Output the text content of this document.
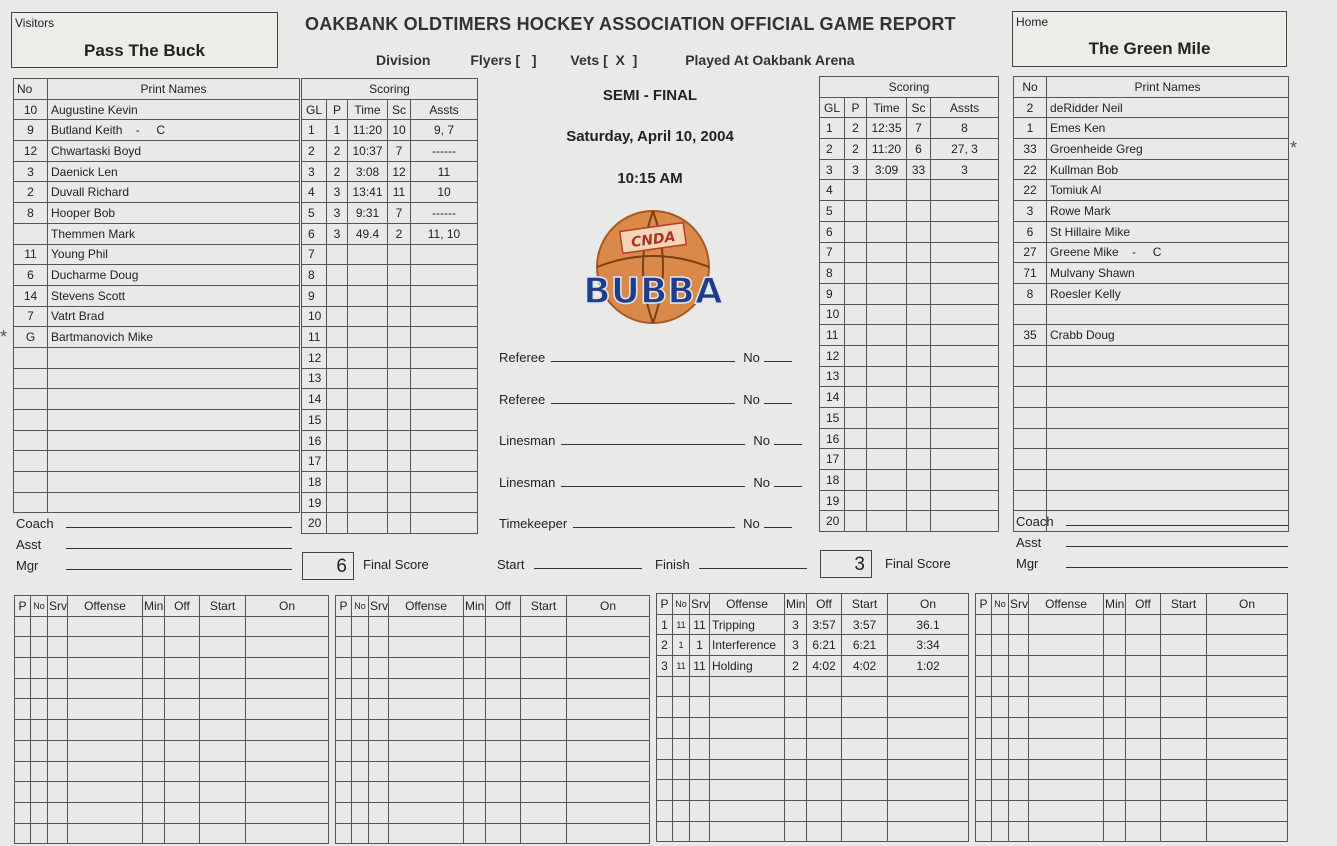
OAKBANK OLDTIMERS HOCKEY ASSOCIATION OFFICIAL GAME REPORT
Visitors
Pass The Buck
Home
The Green Mile
Division	Flyers [   ] Vets [  X  ]	Played At Oakbank Arena
No	Print Names
10	Augustine Kevin
9	Butland Keith    -     C
12	Chwartaski Boyd
3	Daenick Len
2	Duvall Richard
8	Hooper Bob
	Themmen Mark
11	Young Phil
6	Ducharme Doug
14	Stevens Scott
7	Vatrt Brad
G	Bartmanovich Mike

*
Scoring				
GL	P	Time	Sc	Assts
1	1	11:20	10	9, 7
2	2	10:37	7	------
3	2	3:08	12	11
4	3	13:41	11	10
5	3	9:31	7	------
6	3	49.4	2	11, 10
7				
8				
9				
10				
11				
12				
13				
14				
15				
16				
17				
18				
19				
20				
SEMI - FINAL
Saturday, April 10, 2004
10:15 AM
CNDA
BUBBA
Referee	No
Referee	No
Linesman	No
Linesman	No
Timekeeper	No
Scoring				
GL	P	Time	Sc	Assts
1	2	12:35	7	8
2	2	11:20	6	27, 3
3	3	3:09	33	3
4				
5				
6				
7				
8				
9				
10				
11				
12				
13				
14				
15				
16				
17				
18				
19				
20				
No	Print Names
2	deRidder Neil
1	Emes Ken
33	Groenheide Greg
22	Kullman Bob
22	Tomiuk Al
3	Rowe Mark
6	St Hillaire Mike
27	Greene Mike    -     C
71	Mulvany Shawn
8	Roesler Kelly

35	Crabb Doug

*
Coach
Asst
Mgr
Coach
Asst
Mgr
6	Final Score	3	Final Score
Start	Finish
P	No	Srv	Offense	Min	Off	Start	On

								P	No	Srv	Offense	Min	Off	Start	On

								P	No	Srv	Offense	Min	Off	Start	On
1	11	11	Tripping	3	3:57	3:57	36.1
2	1	1	Interference	3	6:21	6:21	3:34
3	11	11	Holding	2	4:02	4:02	1:02

P	No	Srv	Offense	Min	Off	Start	On
